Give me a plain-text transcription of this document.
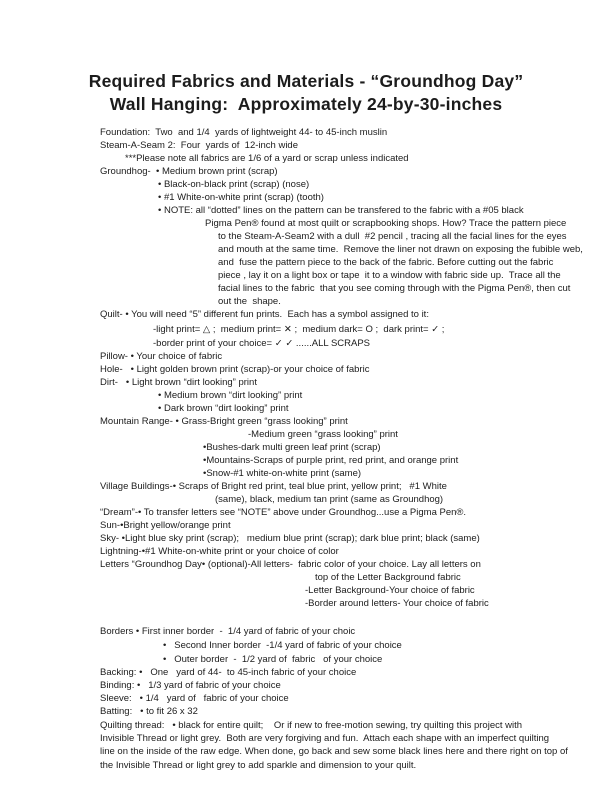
Required Fabrics and Materials - “Groundhog Day”
Wall Hanging:  Approximately 24-by-30-inches
Foundation:  Two  and 1/4  yards of lightweight 44- to 45-inch muslin
Steam-A-Seam 2:  Four  yards of  12-inch wide
***Please note all fabrics are 1/6 of a yard or scrap unless indicated
Groundhog-  • Medium brown print (scrap)
• Black-on-black print (scrap) (nose)
• #1 White-on-white print (scrap) (tooth)
• NOTE: all “dotted” lines on the pattern can be transfered to the fabric with a #05 black
Pigma Pen® found at most quilt or scrapbooking shops. How? Trace the pattern piece
to the Steam-A-Seam2 with a dull  #2 pencil , tracing all the facial lines for the eyes
and mouth at the same time.  Remove the liner not drawn on exposing the fubible web,
and  fuse the pattern piece to the back of the fabric. Before cutting out the fabric
piece , lay it on a light box or tape  it to a window with fabric side up.  Trace all the
facial lines to the fabric  that you see coming through with the Pigma Pen®, then cut
out the  shape.
Quilt- • You will need “5” different fun prints.  Each has a symbol assigned to it:
-light print= △ ;  medium print= ✕ ;  medium dark= O ;  dark print= ✓ ;
-border print of your choice= ✓ ✓ ......ALL SCRAPS
Pillow- • Your choice of fabric
Hole-   • Light golden brown print (scrap)-or your choice of fabric
Dirt-   • Light brown “dirt looking” print
• Medium brown “dirt looking” print
• Dark brown “dirt looking” print
Mountain Range- • Grass-Bright green “grass looking” print
-Medium green “grass looking” print
•Bushes-dark multi green leaf print (scrap)
•Mountains-Scraps of purple print, red print, and orange print
•Snow-#1 white-on-white print (same)
Village Buildings-• Scraps of Bright red print, teal blue print, yellow print;   #1 White
(same), black, medium tan print (same as Groundhog)
“Dream”-• To transfer letters see “NOTE” above under Groundhog...use a Pigma Pen®.
Sun-•Bright yellow/orange print
Sky- •Light blue sky print (scrap);   medium blue print (scrap); dark blue print; black (same)
Lightning-•#1 White-on-white print or your choice of color
Letters “Groundhog Day• (optional)-All letters-  fabric color of your choice. Lay all letters on
top of the Letter Background fabric
-Letter Background-Your choice of fabric
-Border around letters- Your choice of fabric
Borders • First inner border  -  1/4 yard of fabric of your choic
•   Second Inner border  -1/4 yard of fabric of your choice
•   Outer border  -  1/2 yard of  fabric   of your choice
Backing: •   One   yard of 44-  to 45-inch fabric of your choice
Binding: •   1/3 yard of fabric of your choice
Sleeve:   • 1/4   yard of   fabric of your choice
Batting:   • to fit 26 x 32
Quilting thread:   • black for entire quilt;    Or if new to free-motion sewing, try quilting this project with
Invisible Thread or light grey.  Both are very forgiving and fun.  Attach each shape with an imperfect quilting
line on the inside of the raw edge. When done, go back and sew some black lines here and there right on top of
the Invisible Thread or light grey to add sparkle and dimension to your quilt.
